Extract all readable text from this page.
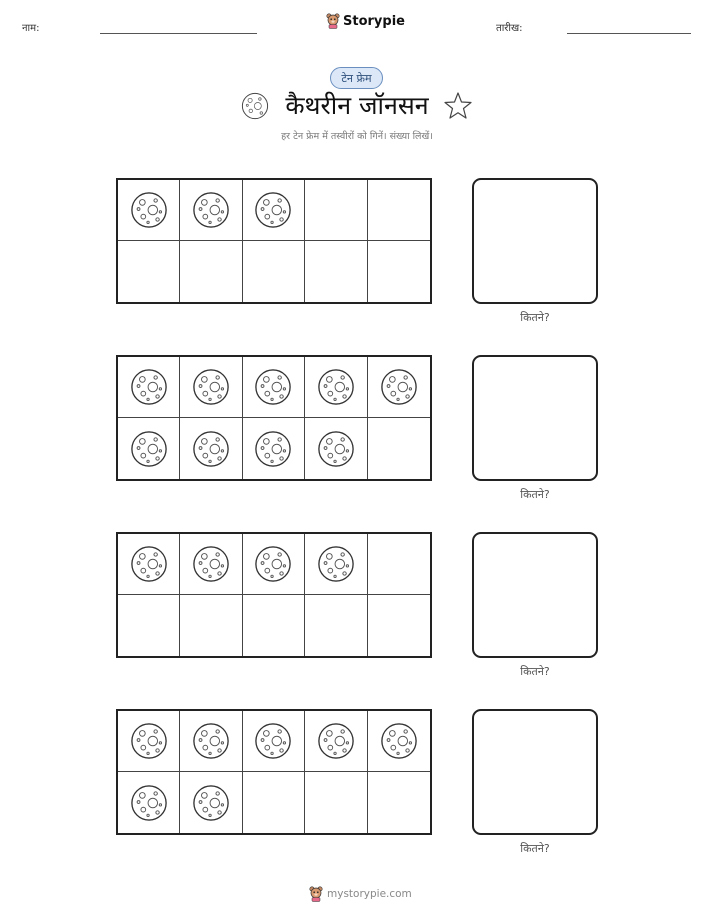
नाम:	Storypie	तारीख:
टेन फ्रेम
कैथरीन जॉनसन
हर टेन फ्रेम में तस्वीरों को गिनें। संख्या लिखें।
कितने?
कितने?
कितने?
कितने?
mystorypie.com
